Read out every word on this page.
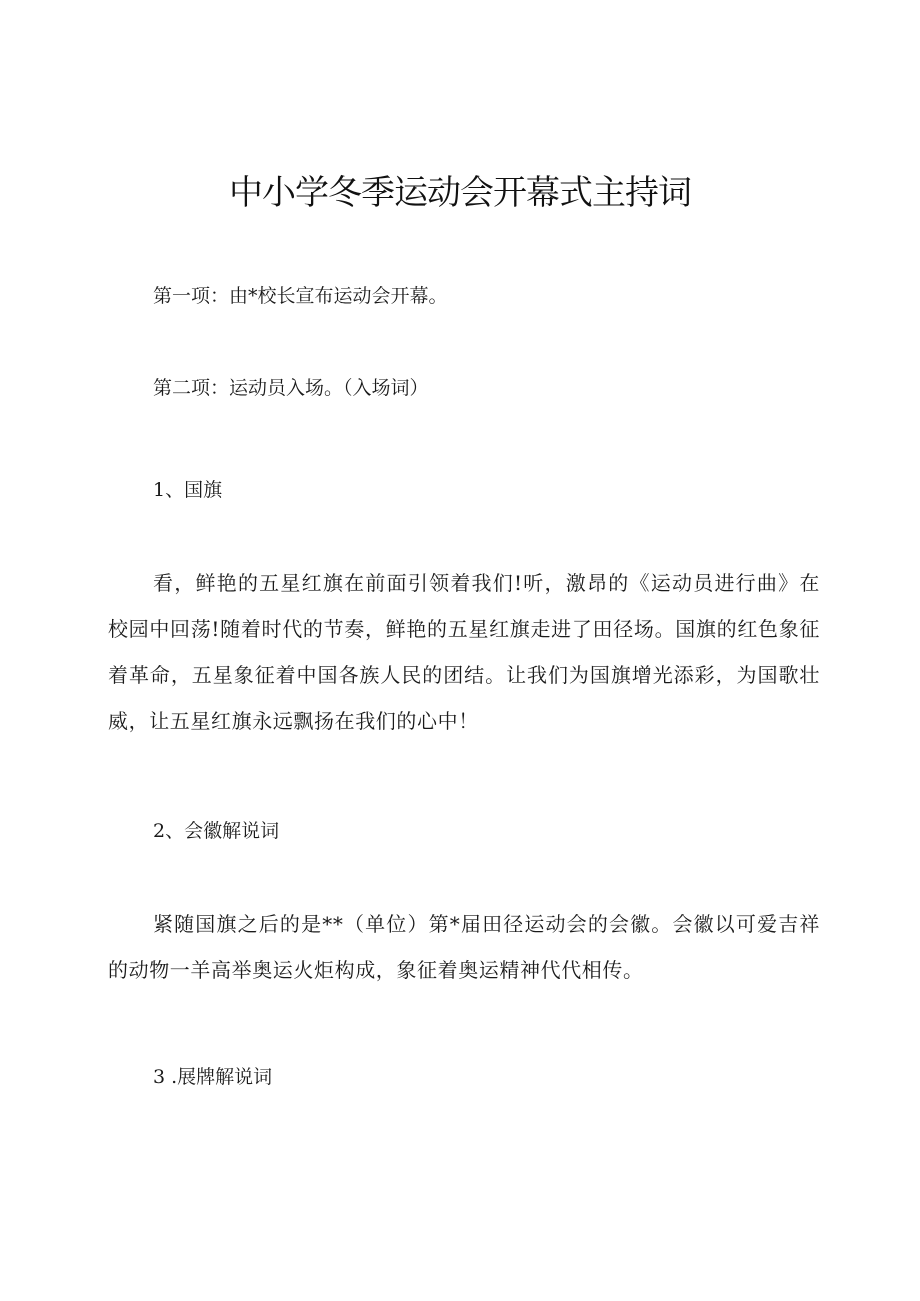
中小学冬季运动会开幕式主持词
第一项：由*校长宣布运动会开幕。
第二项：运动员入场。（入场词）
1、国旗
看，鲜艳的五星红旗在前面引领着我们!听，激昂的《运动员进行曲》在校园中回荡!随着时代的节奏，鲜艳的五星红旗走进了田径场。国旗的红色象征着革命，五星象征着中国各族人民的团结。让我们为国旗增光添彩，为国歌壮威，让五星红旗永远飘扬在我们的心中！
2、会徽解说词
紧随国旗之后的是**（单位）第*届田径运动会的会徽。会徽以可爱吉祥的动物一羊高举奥运火炬构成，象征着奥运精神代代相传。
3 .展牌解说词
